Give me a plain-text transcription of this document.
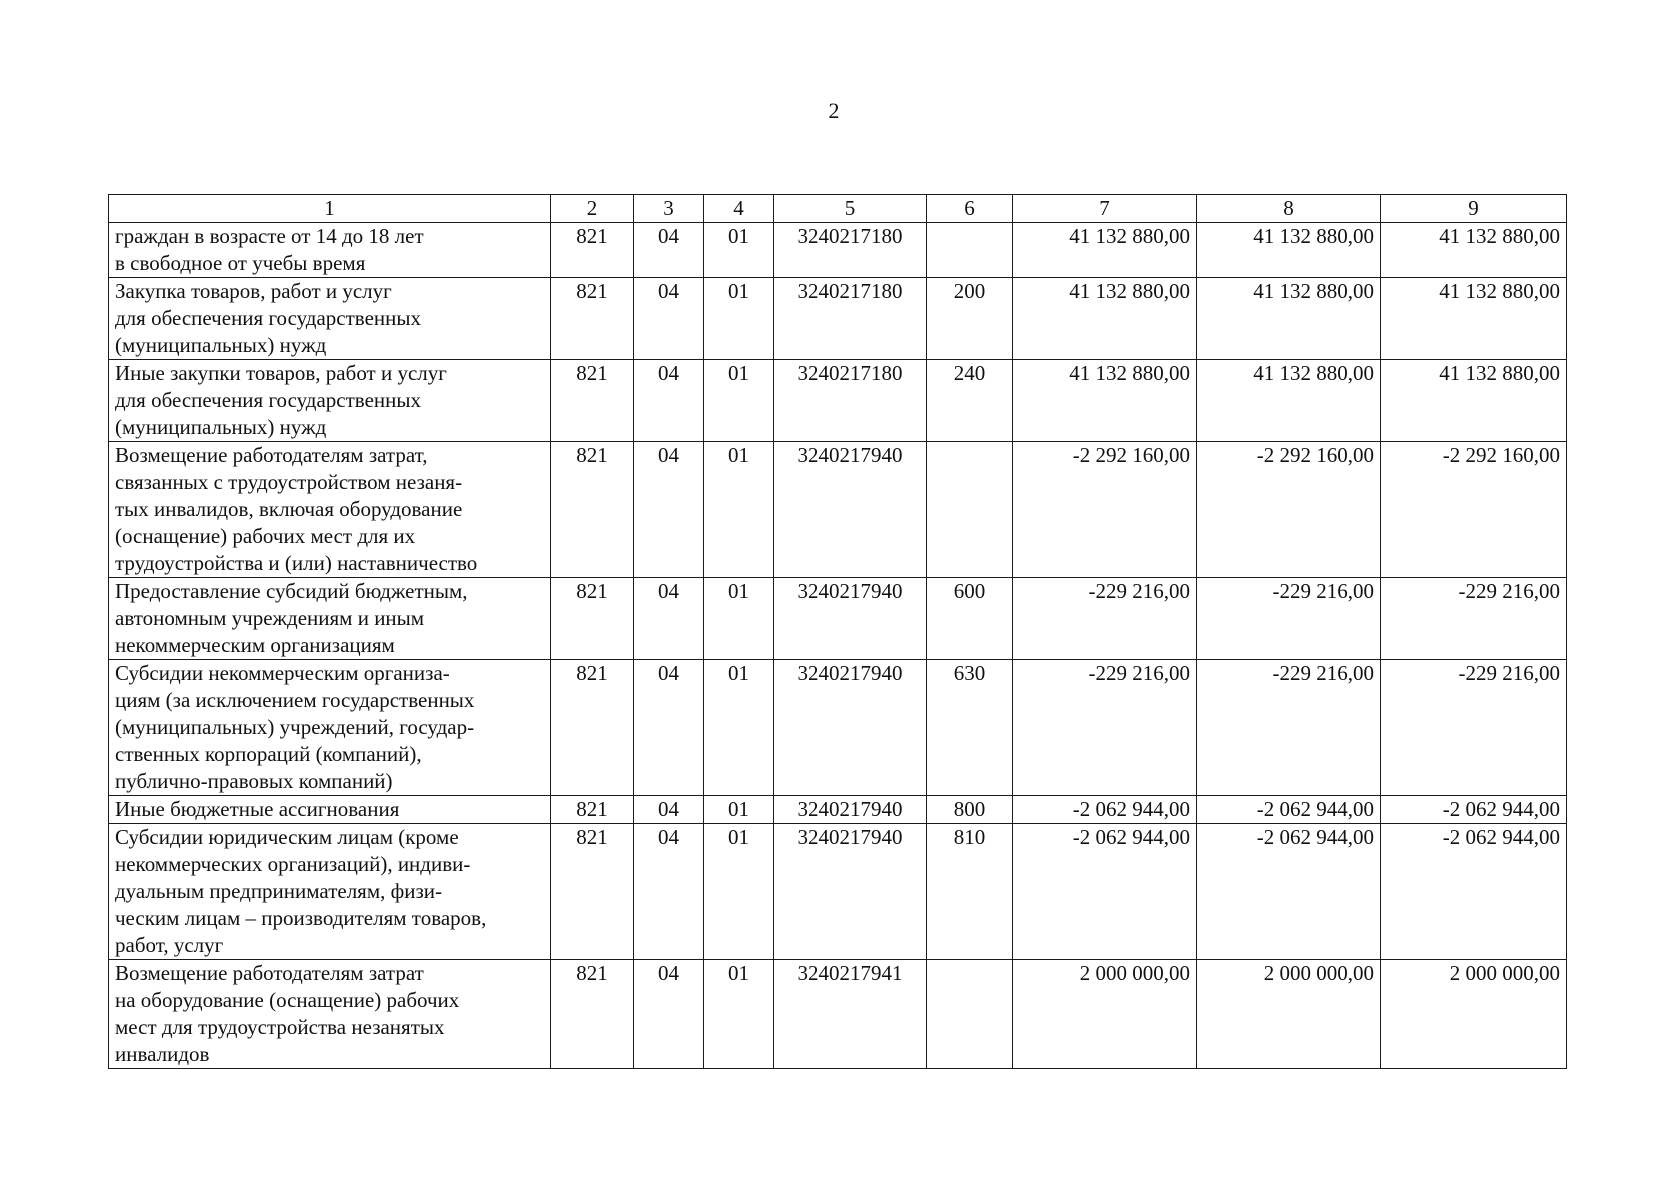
2
1	2	3	4	5	6	7	8	9

граждан в возрасте от 14 до 18 лет
в свободное от учебы время	821	04	01	3240217180		41 132 880,00	41 132 880,00	41 132 880,00

Закупка товаров, работ и услуг
для обеспечения государственных
(муниципальных) нужд	821	04	01	3240217180	200	41 132 880,00	41 132 880,00	41 132 880,00

Иные закупки товаров, работ и услуг
для обеспечения государственных
(муниципальных) нужд	821	04	01	3240217180	240	41 132 880,00	41 132 880,00	41 132 880,00

Возмещение работодателям затрат,
связанных с трудоустройством незаня-
тых инвалидов, включая оборудование
(оснащение) рабочих мест для их
трудоустройства и (или) наставничество	821	04	01	3240217940		-2 292 160,00	-2 292 160,00	-2 292 160,00

Предоставление субсидий бюджетным,
автономным учреждениям и иным
некоммерческим организациям	821	04	01	3240217940	600	-229 216,00	-229 216,00	-229 216,00

Субсидии некоммерческим организа-
циям (за исключением государственных
(муниципальных) учреждений, государ-
ственных корпораций (компаний),
публично-правовых компаний)	821	04	01	3240217940	630	-229 216,00	-229 216,00	-229 216,00

Иные бюджетные ассигнования	821	04	01	3240217940	800	-2 062 944,00	-2 062 944,00	-2 062 944,00

Субсидии юридическим лицам (кроме
некоммерческих организаций), индиви-
дуальным предпринимателям, физи-
ческим лицам – производителям товаров,
работ, услуг	821	04	01	3240217940	810	-2 062 944,00	-2 062 944,00	-2 062 944,00

Возмещение работодателям затрат
на оборудование (оснащение) рабочих
мест для трудоустройства незанятых
инвалидов	821	04	01	3240217941		2 000 000,00	2 000 000,00	2 000 000,00
